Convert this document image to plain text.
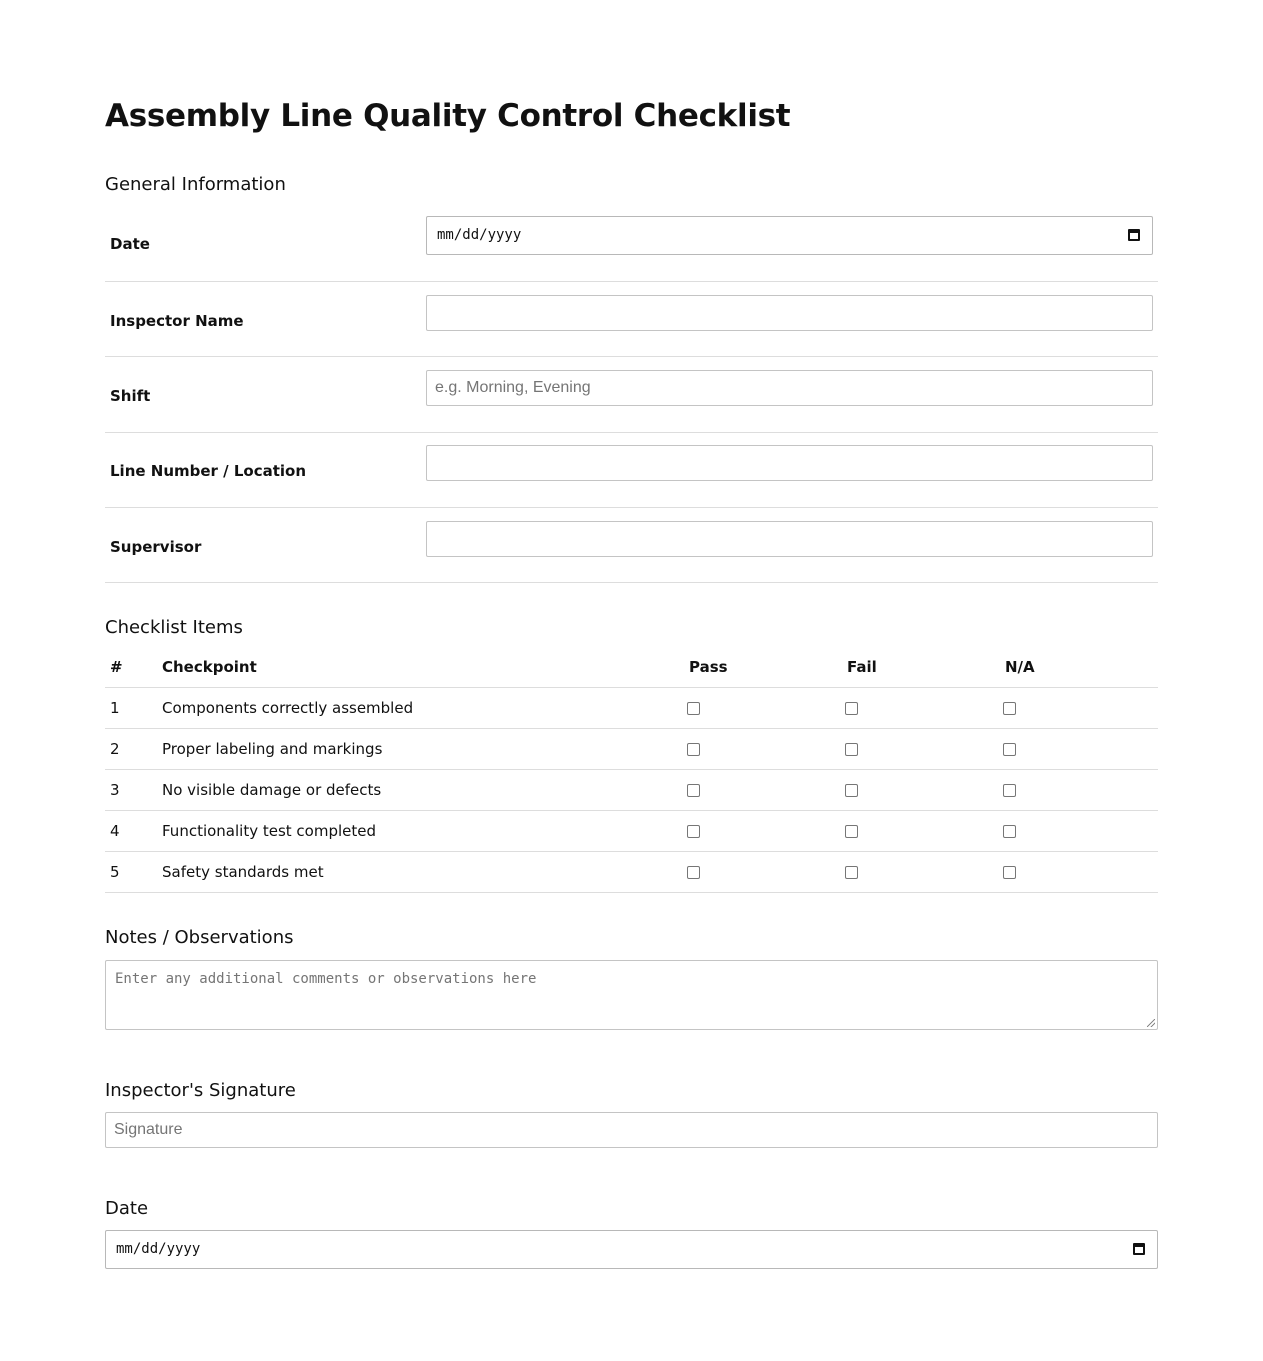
Assembly Line Quality Control Checklist
General Information
Date	mm/dd/yyyy
Inspector Name
Shift	e.g. Morning, Evening
Line Number / Location
Supervisor
Checklist Items
#	Checkpoint	Pass	Fail	N/A
1	Components correctly assembled			
2	Proper labeling and markings			
3	No visible damage or defects			
4	Functionality test completed			
5	Safety standards met			
Notes / Observations
Enter any additional comments or observations here
Inspector's Signature
Signature
Date
mm/dd/yyyy
